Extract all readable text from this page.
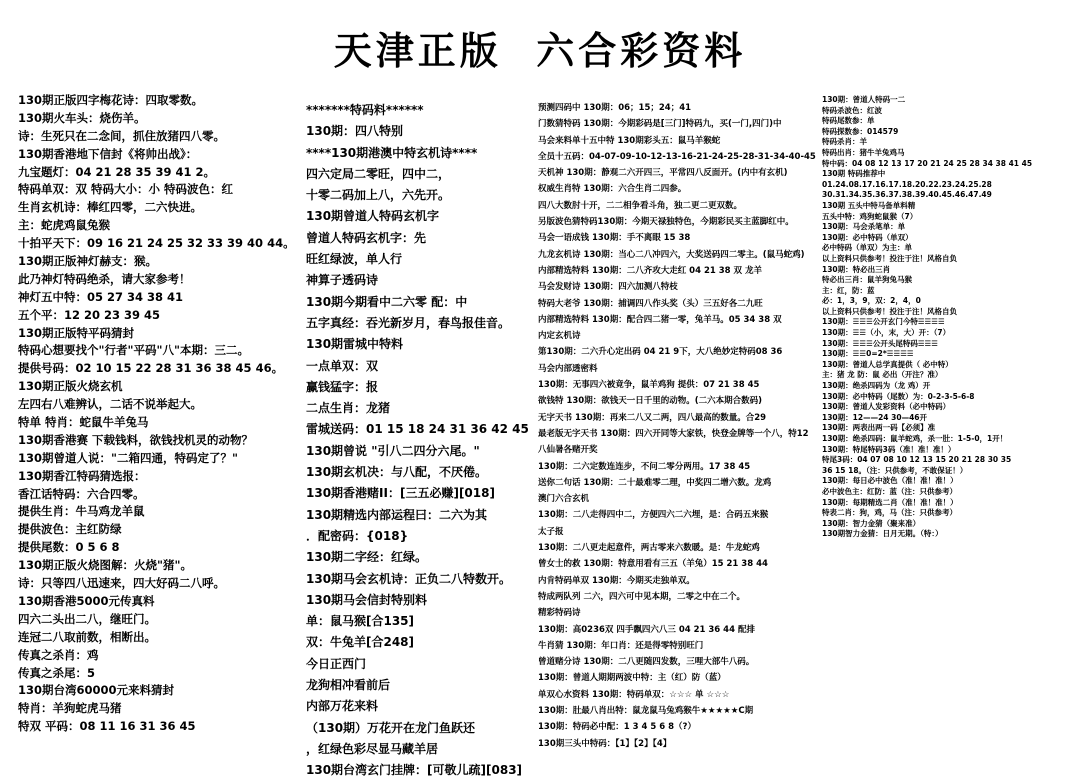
天津正版  六合彩资料
130期正版四字梅花诗：四取零数。
130期火车头：烧伤羊。
诗：生死只在二念间，抓住放猪四八零。
130期香港地下信封《将帅出战》：
九宝题灯：04 21 28 35 39 41 2。
特码单双：双 特码大小：小 特码波色：红
生肖玄机诗：棒红四零，二六快进。
主：蛇虎鸡鼠兔猴
十拍平天下：09 16 21 24 25 32 33 39 40 44。
130期正版神灯赫支：猴。
此乃神灯特码绝杀，请大家参考！
神灯五中特：05 27 34 38 41
五个平：12 20 23 39 45
130期正版特平码猜封
特码心想要找个"行者"平码"八"本期：三二。
提供号码：02 10 15 22 28 31 36 38 45 46。
130期正版火烧玄机
左四右八难辨认，二话不说举起大。
特单 特肖：蛇鼠牛羊兔马
130期香港赛 下载钱料，欲钱找机灵的动物？
130期曾道人说："二箱四通，特码定了？"
130期香江特码猜选报：
香江话特码：六合四零。
提供生肖：牛马鸡龙羊鼠
提供波色：主红防绿
提供尾数：0 5 6 8
130期正版火烧图解：火烧"猪"。
诗：只等四八迅速来，四大好码二八呼。
130期香港5000元传真料
四六二头出二八，继旺门。
连冠二八取前数，相断出。
传真之杀肖：鸡
传真之杀尾：5
130期台湾60000元来料猜封
特肖：羊狗蛇虎马猪
特双 平码：08 11 16 31 36 45
*******特码料******
130期：四八特别
****130期港澳中特玄机诗****
四六定局二零旺，四中二，
十零二码加上八，六先开。
130期曾道人特码玄机字
曾道人特码玄机字：先
旺红绿波，单人行
神算子透码诗
130期今期看中二六零 配：中
五字真经：吞光新岁月，春鸟报佳音。
130期雷城中特料
一点单双：双
赢钱猛字：报
二点生肖：龙猪
雷城送码：01 15 18 24 31 36 42 45
130期曾说 "引八二四分六尾。"
130期玄机决：与八配，不厌倦。
130期香港赌II：[三五必赚][018]
130期精选内部运程曰：二六为其
．配密码：{018}
130期二字经：红绿。
130期马会玄机诗：正负二八特数开。
130期马会信封特别料
单：鼠马猴[合135]
双：牛兔羊[合248]
今日正西门
龙狗相冲看前后
内部万花来料
（130期）万花开在龙门鱼跃还
，红绿色彩尽显马藏羊居
130期台湾玄门挂牌：[可敬儿疏][083]
预测四码中 130期：06；15；24；41
门数猜特码 130期：今期彩码是[三门]特码九，买(一门,四门)中
马会来料单十五中特 130期彩头五：鼠马羊猴蛇
全员十五码：04-07-09-10-12-13-16-21-24-25-28-31-34-40-45
天机神 130期：静观二六开四三，平常四八反面开。(内中有玄机)
权威生肖特 130期：六合生肖二四参。
四八大数肘十开，二二相争看斗角，独二更二更双数。
另版波色猜特码130期：今期天禄独特色，今期彩民买主蓝脚红中。
马会一语成钱 130期：手不离眼 15 38
九龙玄机诗 130期：当心二八冲四六，大奖送码四二零主。(鼠马蛇鸡)
内部精选特料 130期：二八齐攻大走红 04 21 38 双 龙羊
马会发财诗 130期：四六加测八特枝
特码大老爷 130期：捕调四八作头奖（头）三五好各二九旺
内部精选特料 130期：配合四二猪一零，兔羊马。05 34 38 双
内定玄机诗
第130期：二六升心定出码 04 21 9下，大八绝妙定特码08 36
马会内部透密料
130期：无事四六被竟争，鼠羊鸡狗 提供：07 21 38 45
欲钱特 130期：欲钱天一日千里的动物。(二六本期合数码)
无字天书 130期：再来二八又二两，四八最高的数量。合29
最老版无字天书 130期：四六开同等大家铁，快登金牌等一个八，特12
八仙暑各赌开奖
130期：二六定数连连步，不问二零分两用。17 38 45
送你二句话 130期：二十最难零二理，中奖四二增六数。龙鸡
澳门六合玄机
130期：二八走得四中二，方便四六二六埋，是：合码五来猴
太子报
130期：二八更走起意件，两古零来六数暖。是：牛龙蛇鸡
曾女士的救 130期：特意用看有三五（羊兔）15 21 38 44
内肯特码单双 130期：今期买走独单双。
特成两队列 二六，四六可中见本期，二零之中在二个。
精彩特码诗
130期：高0236双 四手飘四六八三 04 21 36 44 配排
牛肖猜 130期：年口肖：还是得零特别旺门
曾道赌分诗 130期：二八更随四发数，三哩大部牛八码。
130期：曾道人期期两波中特：主（红）防（蓝）
单双心水资料 130期：特码单双：☆☆☆ 单 ☆☆☆
130期：肚最八肖出特：鼠龙鼠马兔鸡猴牛★★★★★C期
130期：特码必中配：1 3 4 5 6 8（?）
130期三头中特码：【1】【2】【4】
130期：曾道人特码一二
特码杀波色：红波
特码尾数参：单
特码探数参：014579
特码杀肖：羊
特码出肖：猪牛羊兔鸡马
特中码：04 08 12 13 17 20 21 24 25 28 34 38 41 45
130期 特码推荐中
01.24.08.17.16.17.18.20.22.23.24.25.28
30.31.34.35.36.37.38.39.40.45.46.47.49
130期 五头中特马备单料精
五头中特：鸡狗蛇鼠猴（7）
130期：马会杀笔单：单
130期：必中特码（单双）
必中特码（单双）为主：单
以上资料只供参考！投注于注！风格自负
130期：特必出三肖
特必出三肖：鼠羊狗兔马猴
主：红，防：蓝
必：1，3，9，双：2，4，0
以上资料只供参考！投注于注！风格自负
130期：☰☰☰公开玄门今特☰☰☰☰
130期：☰☰（小，末，大）开：（7）
130期：☰☰☰公开头尾特码☰☰☰
130期：☰☰0=2*☰☰☰☰
130期：曾道人总学真提供（ 必中特）
主：猪 龙 防：鼠 必出（开注？准）
130期：绝杀四码为（龙 鸡）开
130期：必中特码（尾数）为：0-2-3-5-6-8
130期：曾道人发彩资料（必中特码）
130期：12——24 30—46开
130期：两表出两一码【必须】准
130期：绝杀四码：鼠羊蛇鸡，杀一肚：1-5-0，1开！
130期：特尾特码3码（准！准！准！）
特尾3码：04 07 08 10 12 13 15 20 21 28 30 35
36 15 18。（注：只供参考，不敢保证！）
130期：每日必中波色（准！准！准！）
必中波色主：红防：蓝（注：只供参考）
130期：每期精选二肖（准！准！准！）
特表二肖：狗，鸡，马（注：只供参考）
130期：智力金猜（聚来准）
130期智力金猜：日月无期。（特：）
